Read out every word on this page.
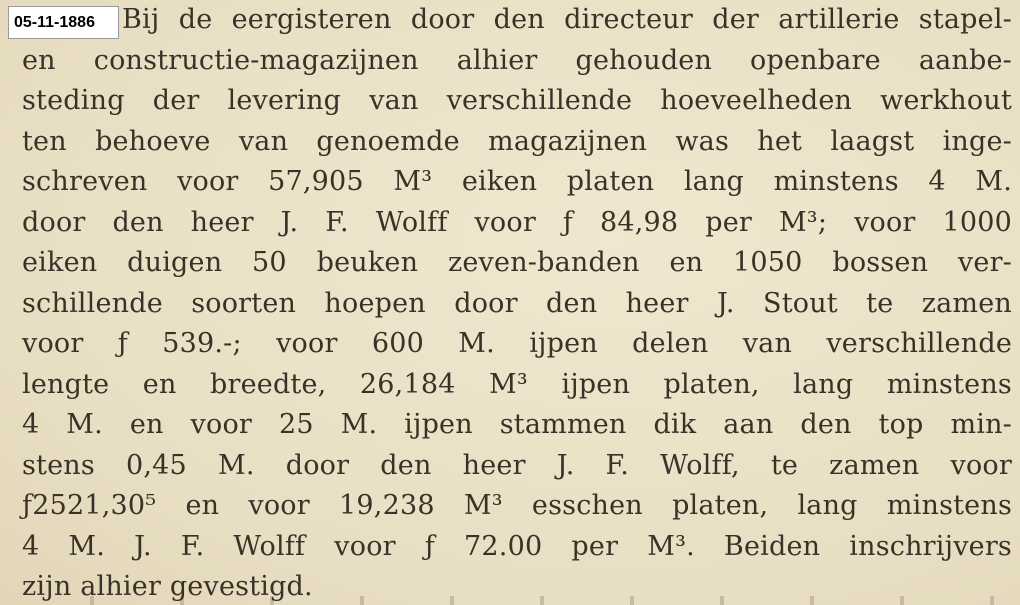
05-11-1886	Bij de eergisteren door den directeur der artillerie stapel-
en constructie-magazijnen alhier gehouden openbare aanbe-
steding der levering van verschillende hoeveelheden werkhout
ten behoeve van genoemde magazijnen was het laagst inge-
schreven voor 57,905 M³ eiken platen lang minstens 4 M.
door den heer J. F. Wolff voor ƒ 84,98 per M³; voor 1000
eiken duigen 50 beuken zeven-banden en 1050 bossen ver-
schillende soorten hoepen door den heer J. Stout te zamen
voor ƒ 539.-; voor 600 M. ijpen delen van verschillende
lengte en breedte, 26,184 M³ ijpen platen, lang minstens
4 M. en voor 25 M. ijpen stammen dik aan den top min-
stens 0,45 M. door den heer J. F. Wolff, te zamen voor
ƒ2521,30⁵ en voor 19,238 M³ esschen platen, lang minstens
4 M. J. F. Wolff voor ƒ 72.00 per M³. Beiden inschrijvers
zijn alhier gevestigd.
